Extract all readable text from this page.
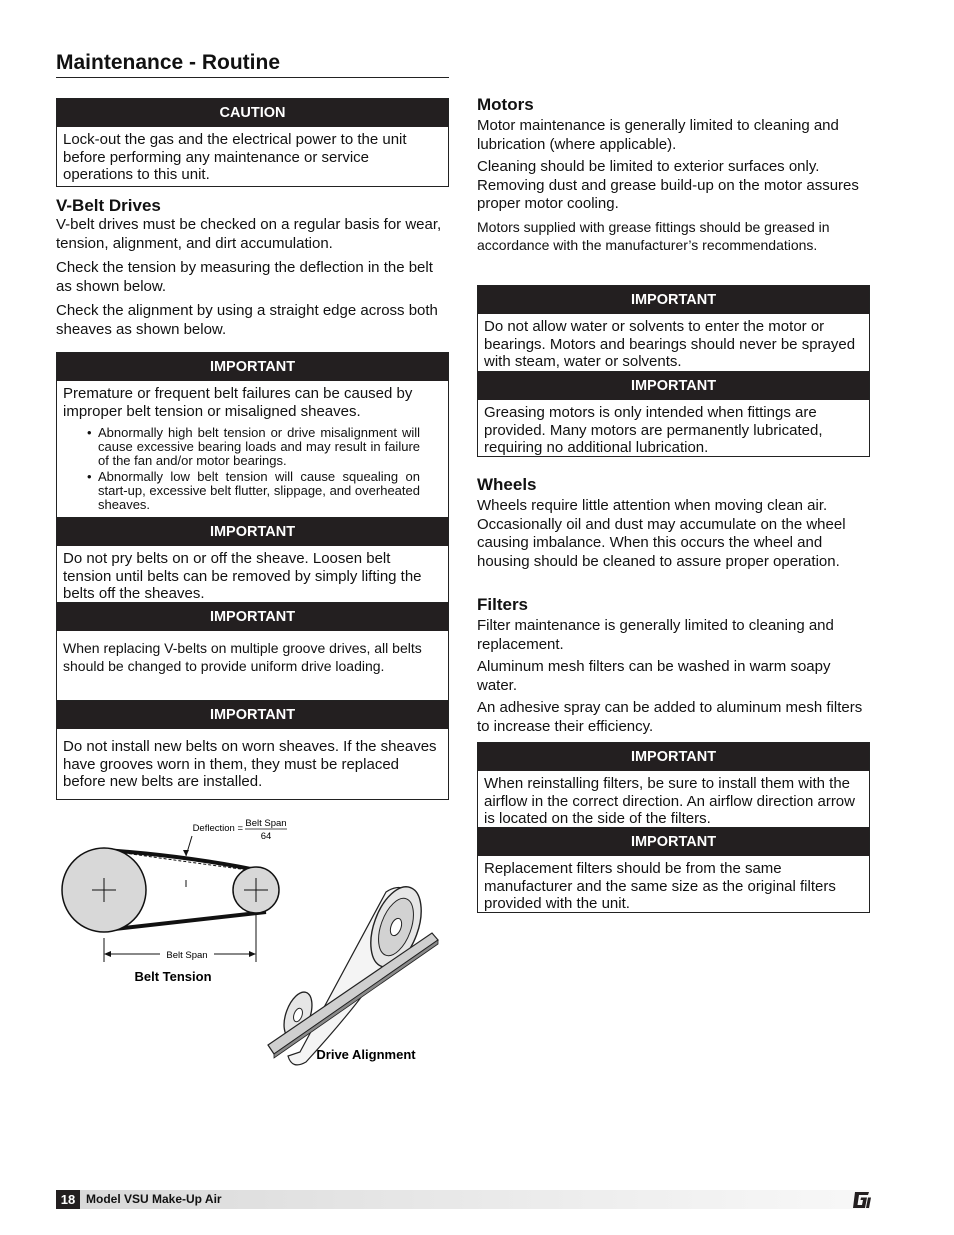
Maintenance - Routine
CAUTION
Lock-out the gas and the electrical power to the unit before performing any maintenance or service operations to this unit.
V-Belt Drives

V-belt drives must be checked on a regular basis for wear, tension, alignment, and dirt accumulation.

Check the tension by measuring the deflection in the belt as shown below.

Check the alignment by using a straight edge across both sheaves as shown below.

IMPORTANT
Premature or frequent belt failures can be caused by improper belt tension or misaligned sheaves.
• Abnormally high belt tension or drive misalignment will cause excessive bearing loads and may result in failure of the fan and/or motor bearings.
• Abnormally low belt tension will cause squealing on start-up, excessive belt flutter, slippage, and overheated sheaves.
IMPORTANT
Do not pry belts on or off the sheave. Loosen belt tension until belts can be removed by simply lifting the belts off the sheaves.
IMPORTANT
When replacing V-belts on multiple groove drives, all belts should be changed to provide uniform drive loading.
IMPORTANT
Do not install new belts on worn sheaves. If the sheaves have grooves worn in them, they must be replaced before new belts are installed.
Belt Span
Deflection = Belt Span
64
Belt Tension
Drive Alignment
Motors

Motor maintenance is generally limited to cleaning and lubrication (where applicable).

Cleaning should be limited to exterior surfaces only. Removing dust and grease build-up on the motor assures proper motor cooling.

Motors supplied with grease fittings should be greased in accordance with the manufacturer’s recommendations.

IMPORTANT
Do not allow water or solvents to enter the motor or bearings. Motors and bearings should never be sprayed with steam, water or solvents.
IMPORTANT
Greasing motors is only intended when fittings are provided. Many motors are permanently lubricated, requiring no additional lubrication.
Wheels

Wheels require little attention when moving clean air. Occasionally oil and dust may accumulate on the wheel causing imbalance. When this occurs the wheel and housing should be cleaned to assure proper operation.

Filters

Filter maintenance is generally limited to cleaning and replacement.

Aluminum mesh filters can be washed in warm soapy water.

An adhesive spray can be added to aluminum mesh filters to increase their efficiency.

IMPORTANT
When reinstalling filters, be sure to install them with the airflow in the correct direction. An airflow direction arrow is located on the side of the filters.
IMPORTANT
Replacement filters should be from the same manufacturer and the same size as the original filters provided with the unit.
18 Model VSU Make-Up Air
